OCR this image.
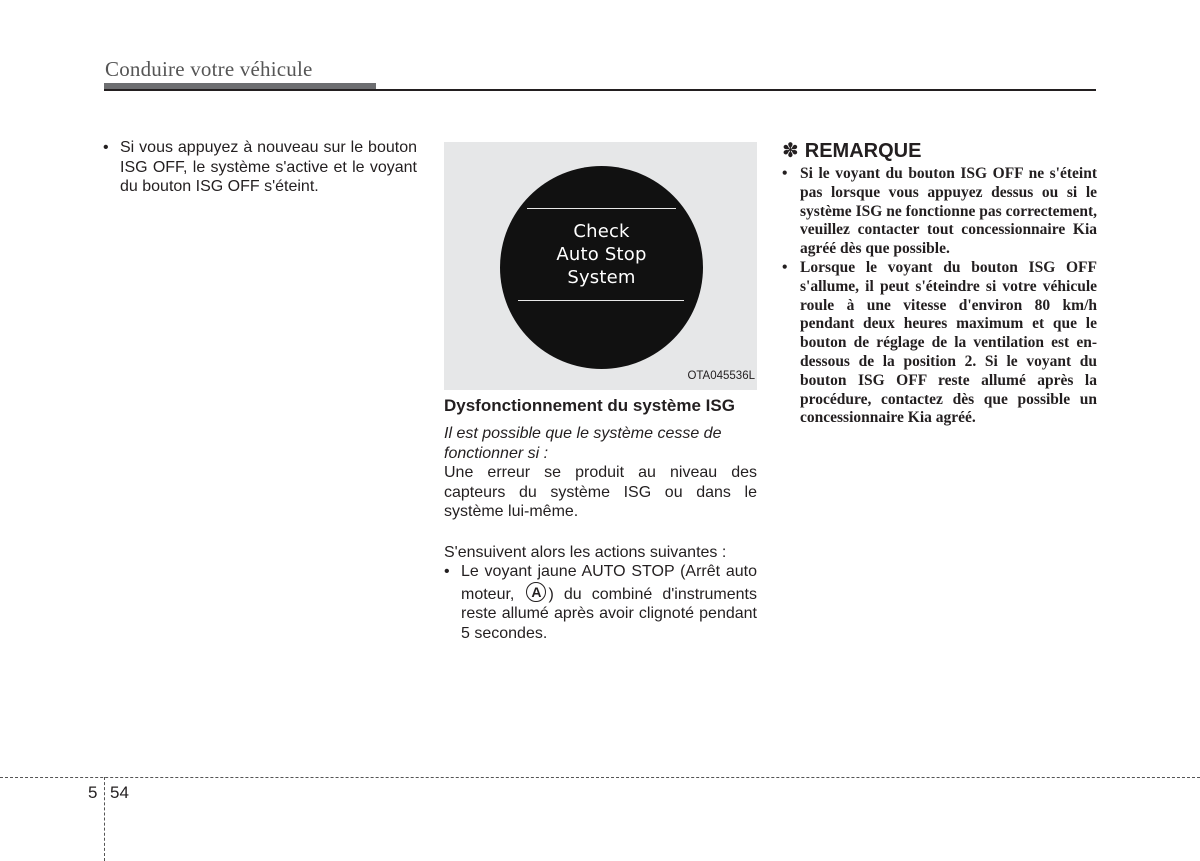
Conduire votre véhicule
• Si vous appuyez à nouveau sur le bouton ISG OFF, le système s'active et le voyant du bouton ISG OFF s'éteint.
Check
Auto Stop
System
OTA045536L
Dysfonctionnement du système ISG
Il est possible que le système cesse de fonctionner si :
Une erreur se produit au niveau des capteurs du système ISG ou dans le système lui-même.
S'ensuivent alors les actions suivantes :
• Le voyant jaune AUTO STOP (Arrêt auto moteur, A ) du combiné d'instruments reste allumé après avoir clignoté pendant 5 secondes.
✽ REMARQUE
• Si le voyant du bouton ISG OFF ne s'éteint pas lorsque vous appuyez dessus ou si le système ISG ne fonctionne pas correctement, veuillez contacter tout concessionnaire Kia agréé dès que possible.
• Lorsque le voyant du bouton ISG OFF s'allume, il peut s'éteindre si votre véhicule roule à une vitesse d'environ 80 km/h pendant deux heures maximum et que le bouton de réglage de la ventilation est en-dessous de la position 2. Si le voyant du bouton ISG OFF reste allumé après la procédure, contactez dès que possible un concessionnaire Kia agréé.
5 54
